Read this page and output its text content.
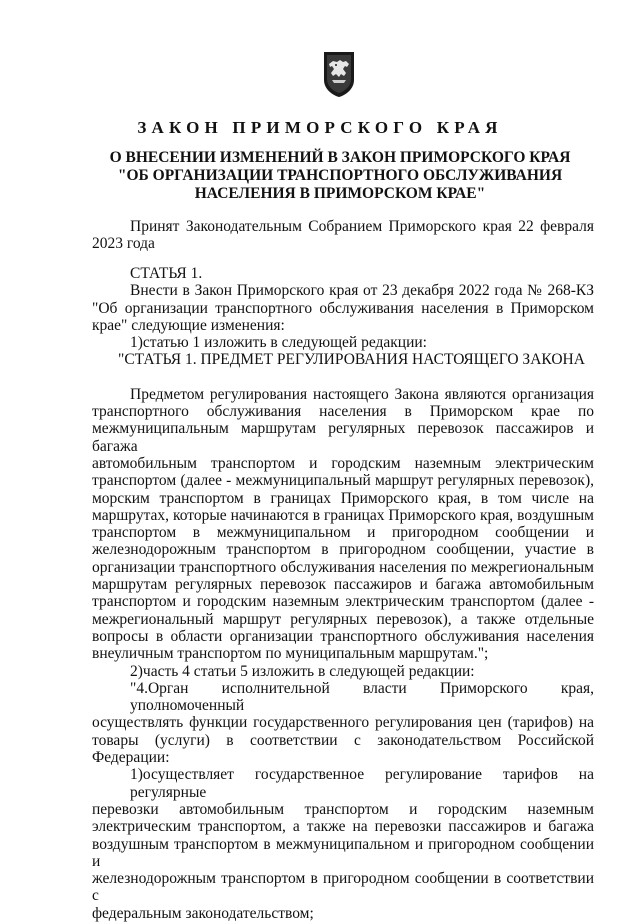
ЗАКОН ПРИМОРСКОГО КРАЯ
О ВНЕСЕНИИ ИЗМЕНЕНИЙ В ЗАКОН ПРИМОРСКОГО КРАЯ
"ОБ ОРГАНИЗАЦИИ ТРАНСПОРТНОГО ОБСЛУЖИВАНИЯ
НАСЕЛЕНИЯ В ПРИМОРСКОМ КРАЕ"
Принят Законодательным Собранием Приморского края 22 февраля
2023 года
СТАТЬЯ 1.
Внести в Закон Приморского края от 23 декабря 2022 года № 268-КЗ
"Об организации транспортного обслуживания населения в Приморском
крае" следующие изменения:
1)статью 1 изложить в следующей редакции:
"СТАТЬЯ 1. ПРЕДМЕТ РЕГУЛИРОВАНИЯ НАСТОЯЩЕГО ЗАКОНА
Предметом регулирования настоящего Закона являются организация
транспортного обслуживания населения в Приморском крае по
межмуниципальным маршрутам регулярных перевозок пассажиров и багажа
автомобильным транспортом и городским наземным электрическим
транспортом (далее - межмуниципальный маршрут регулярных перевозок),
морским транспортом в границах Приморского края, в том числе на
маршрутах, которые начинаются в границах Приморского края, воздушным
транспортом в межмуниципальном и пригородном сообщении и
железнодорожным транспортом в пригородном сообщении, участие в
организации транспортного обслуживания населения по межрегиональным
маршрутам регулярных перевозок пассажиров и багажа автомобильным
транспортом и городским наземным электрическим транспортом (далее -
межрегиональный маршрут регулярных перевозок), а также отдельные
вопросы в области организации транспортного обслуживания населения
внеуличным транспортом по муниципальным маршрутам.";
2)часть 4 статьи 5 изложить в следующей редакции:
"4.Орган исполнительной власти Приморского края, уполномоченный
осуществлять функции государственного регулирования цен (тарифов) на
товары (услуги) в соответствии с законодательством Российской Федерации:
1)осуществляет государственное регулирование тарифов на регулярные
перевозки автомобильным транспортом и городским наземным
электрическим транспортом, а также на перевозки пассажиров и багажа
воздушным транспортом в межмуниципальном и пригородном сообщении и
железнодорожным транспортом в пригородном сообщении в соответствии с
федеральным законодательством;
